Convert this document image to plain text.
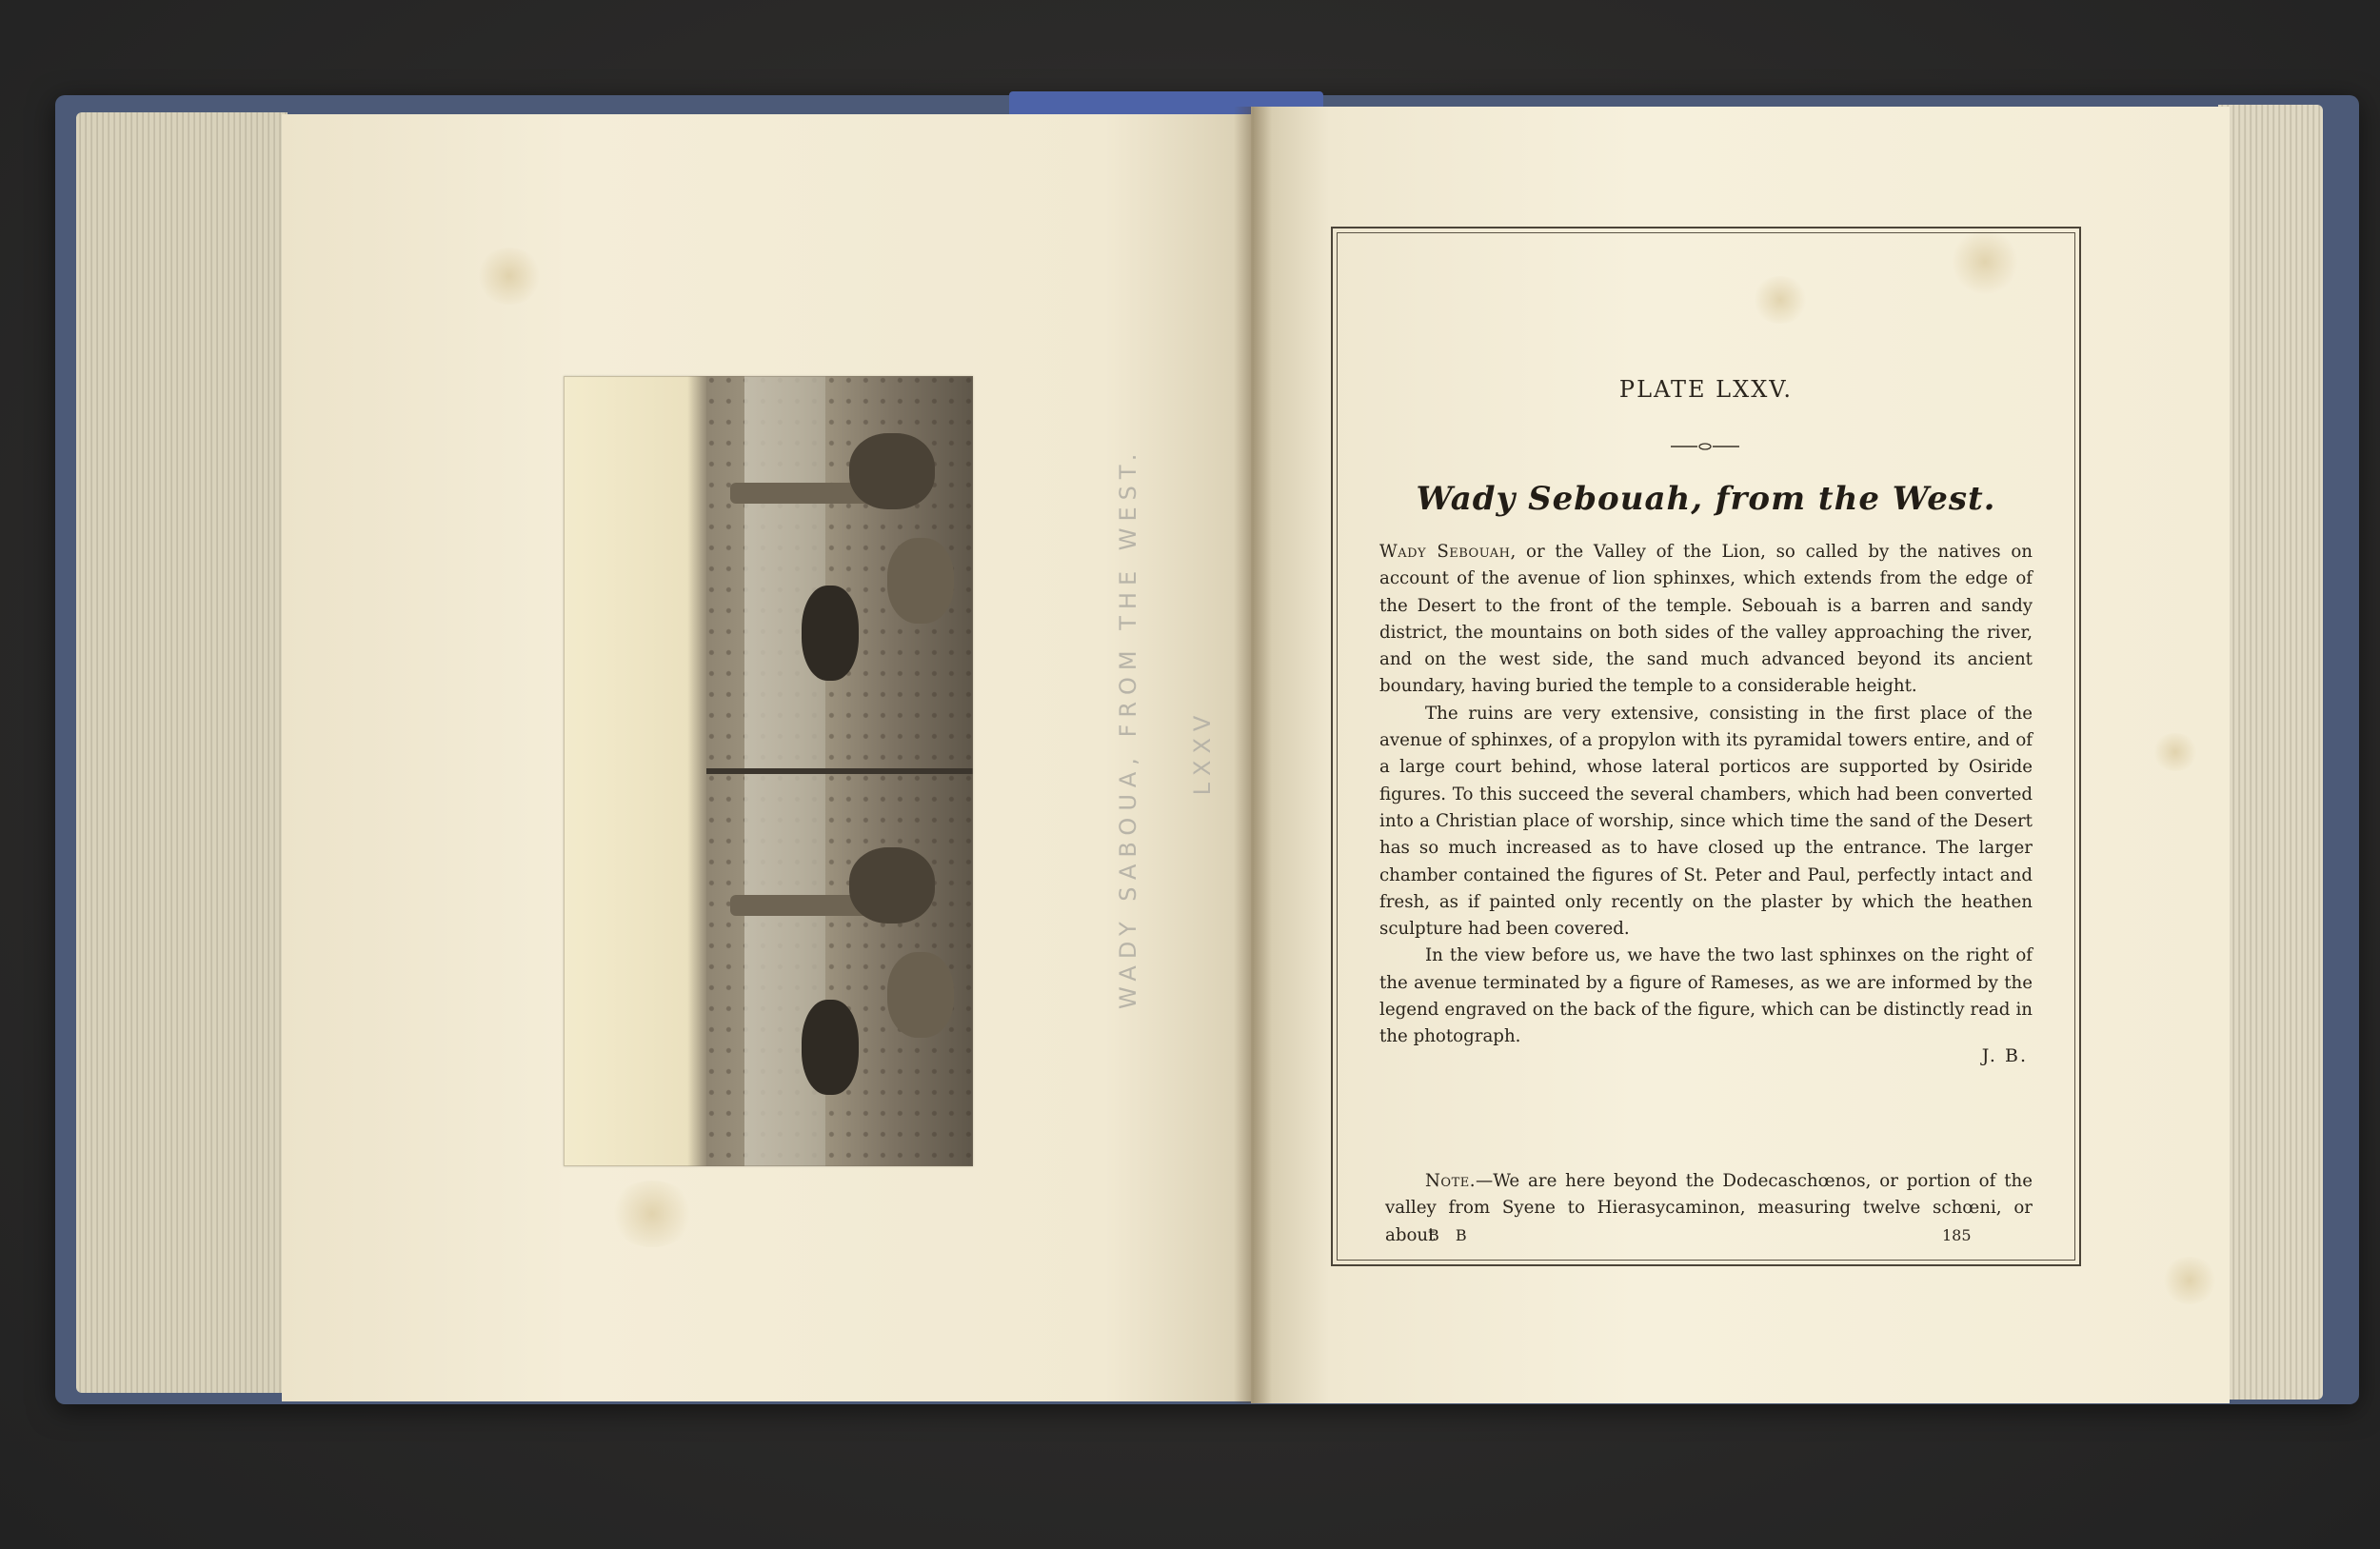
WADY SABOUA, FROM THE WEST.	LXXV
PLATE LXXV.
Wady Sebouah, from the West.

Wady Sebouah, or the Valley of the Lion, so called by the natives on account of the avenue of lion sphinxes, which extends from the edge of the Desert to the front of the temple. Sebouah is a barren and sandy district, the mountains on both sides of the valley approaching the river, and on the west side, the sand much advanced beyond its ancient boundary, having buried the temple to a considerable height.

The ruins are very extensive, consisting in the first place of the avenue of sphinxes, of a propylon with its pyramidal towers entire, and of a large court behind, whose lateral porticos are supported by Osiride figures. To this succeed the several chambers, which had been converted into a Christian place of worship, since which time the sand of the Desert has so much increased as to have closed up the entrance. The larger chamber contained the figures of St. Peter and Paul, perfectly intact and fresh, as if painted only recently on the plaster by which the heathen sculpture had been covered.

In the view before us, we have the two last sphinxes on the right of the avenue terminated by a figure of Rameses, as we are informed by the legend engraved on the back of the figure, which can be distinctly read in the photograph.

J. B.

Note.—We are here beyond the Dodecaschœnos, or portion of the valley from Syene to Hierasycaminon, measuring twelve schœni, or about

B B	185
